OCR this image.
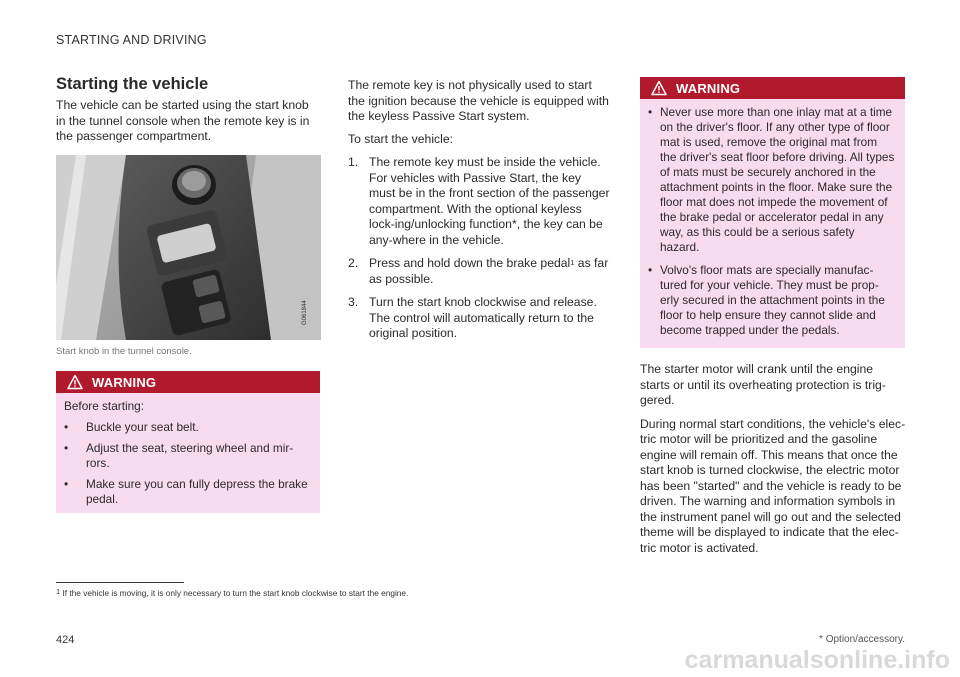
STARTING AND DRIVING
Starting the vehicle
The vehicle can be started using the start knob in the tunnel console when the remote key is in the passenger compartment.
G061844
Start knob in the tunnel console.
WARNING
Before starting:
•	Buckle your seat belt.
•	Adjust the seat, steering wheel and mir-rors.
•	Make sure you can fully depress the brake pedal.

The remote key is not physically used to start the ignition because the vehicle is equipped with the keyless Passive Start system.

To start the vehicle:

1. The remote key must be inside the vehicle. For vehicles with Passive Start, the key must be in the front section of the passenger compartment. With the optional keyless lock-ing/unlocking function*, the key can be any-where in the vehicle.
2. Press and hold down the brake pedal$^1$ as far as possible.
3. Turn the start knob clockwise and release. The control will automatically return to the original position.
WARNING
• Never use more than one inlay mat at a time on the driver's floor. If any other type of floor mat is used, remove the original mat from the driver's seat floor before driving. All types of mats must be securely anchored in the attachment points in the floor. Make sure the floor mat does not impede the movement of the brake pedal or accelerator pedal in any way, as this could be a serious safety hazard.
• Volvo's floor mats are specially manufac-tured for your vehicle. They must be prop-erly secured in the attachment points in the floor to help ensure they cannot slide and become trapped under the pedals.

The starter motor will crank until the engine starts or until its overheating protection is trig-gered.

During normal start conditions, the vehicle's elec-tric motor will be prioritized and the gasoline engine will remain off. This means that once the start knob is turned clockwise, the electric motor has been "started" and the vehicle is ready to be driven. The warning and information symbols in the instrument panel will go out and the selected theme will be displayed to indicate that the elec-tric motor is activated.

$^1$ If the vehicle is moving, it is only necessary to turn the start knob clockwise to start the engine.
424	* Option/accessory.
carmanualsonline.info
